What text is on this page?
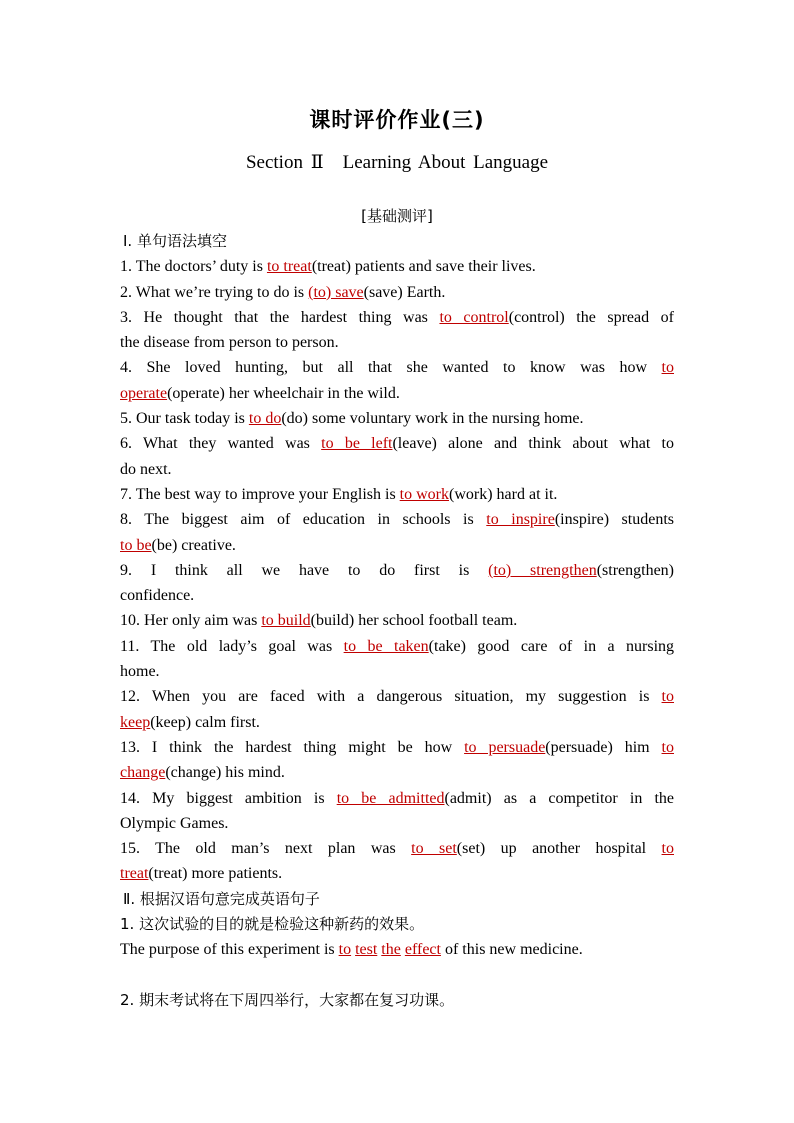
课时评价作业(三)
Section Ⅱ　Learning About Language
[基础测评]
Ⅰ. 单句语法填空
1. The doctors’ duty is to treat(treat) patients and save their lives.
2. What we’re trying to do is (to) save(save) Earth.
3. He thought that the hardest thing was to control(control) the spread of
the disease from person to person.
4. She loved hunting, but all that she wanted to know was how to
operate(operate) her wheelchair in the wild.
5. Our task today is to do(do) some voluntary work in the nursing home.
6. What they wanted was to be left(leave) alone and think about what to
do next.
7. The best way to improve your English is to work(work) hard at it.
8. The biggest aim of education in schools is to inspire(inspire) students
to be(be) creative.
9. I think all we have to do first is (to) strengthen(strengthen)
confidence.
10. Her only aim was to build(build) her school football team.
11. The old lady’s goal was to be taken(take) good care of in a nursing
home.
12. When you are faced with a dangerous situation, my suggestion is to
keep(keep) calm first.
13. I think the hardest thing might be how to persuade(persuade) him to
change(change) his mind.
14. My biggest ambition is to be admitted(admit) as a competitor in the
Olympic Games.
15. The old man’s next plan was to set(set) up another hospital to
treat(treat) more patients.
Ⅱ. 根据汉语句意完成英语句子
1. 这次试验的目的就是检验这种新药的效果。
The purpose of this experiment is to test the effect of this new medicine.
2. 期末考试将在下周四举行，大家都在复习功课。
